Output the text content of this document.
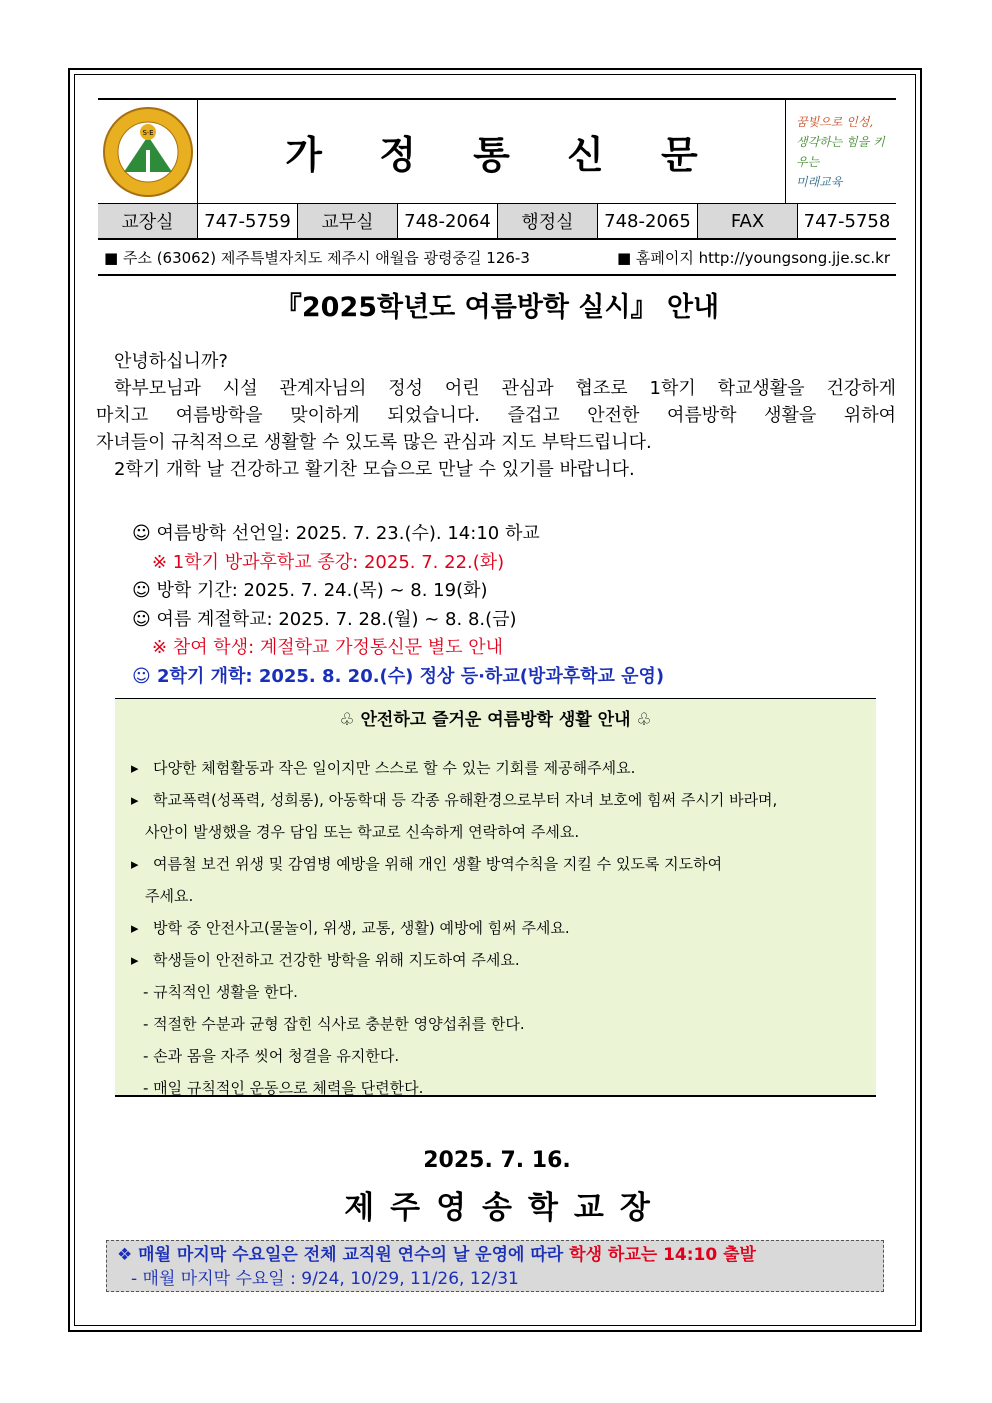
S·E
가 정 통 신 문
꿈빛으로 인성,
생각하는 힘을 키우는
미래교육
교장실	747-5759	교무실	748-2064	행정실	748-2065	FAX	747-5758
■ 주소 (63062) 제주특별자치도 제주시 애월읍 광령중길 126-3	■ 홈페이지 http://youngsong.jje.sc.kr
『2025학년도 여름방학 실시』 안내

안녕하십니까?

학부모님과 시설 관계자님의 정성 어린 관심과 협조로 1학기 학교생활을 건강하게

마치고 여름방학을 맞이하게 되었습니다. 즐겁고 안전한 여름방학 생활을 위하여

자녀들이 규칙적으로 생활할 수 있도록 많은 관심과 지도 부탁드립니다.

2학기 개학 날 건강하고 활기찬 모습으로 만날 수 있기를 바랍니다.

☺ 여름방학 선언일: 2025. 7. 23.(수). 14:10 하교
※ 1학기 방과후학교 종강: 2025. 7. 22.(화)
☺ 방학 기간: 2025. 7. 24.(목) ~ 8. 19(화)
☺ 여름 계절학교: 2025. 7. 28.(월) ~ 8. 8.(금)
※ 참여 학생: 계절학교 가정통신문 별도 안내
☺ 2학기 개학: 2025. 8. 20.(수) 정상 등·하교(방과후학교 운영)
♧ 안전하고 즐거운 여름방학 생활 안내 ♧
▸ 다양한 체험활동과 작은 일이지만 스스로 할 수 있는 기회를 제공해주세요.
▸ 학교폭력(성폭력, 성희롱), 아동학대 등 각종 유해환경으로부터 자녀 보호에 힘써 주시기 바라며,
사안이 발생했을 경우 담임 또는 학교로 신속하게 연락하여 주세요.
▸ 여름철 보건 위생 및 감염병 예방을 위해 개인 생활 방역수칙을 지킬 수 있도록 지도하여
주세요.
▸ 방학 중 안전사고(물놀이, 위생, 교통, 생활) 예방에 힘써 주세요.
▸ 학생들이 안전하고 건강한 방학을 위해 지도하여 주세요.
- 규칙적인 생활을 한다.
- 적절한 수분과 균형 잡힌 식사로 충분한 영양섭취를 한다.
- 손과 몸을 자주 씻어 청결을 유지한다.
- 매일 규칙적인 운동으로 체력을 단련한다.
2025. 7. 16.
제주영송학교장
❖ 매월 마지막 수요일은 전체 교직원 연수의 날 운영에 따라 학생 하교는 14:10 출발
- 매월 마지막 수요일 : 9/24, 10/29, 11/26, 12/31
